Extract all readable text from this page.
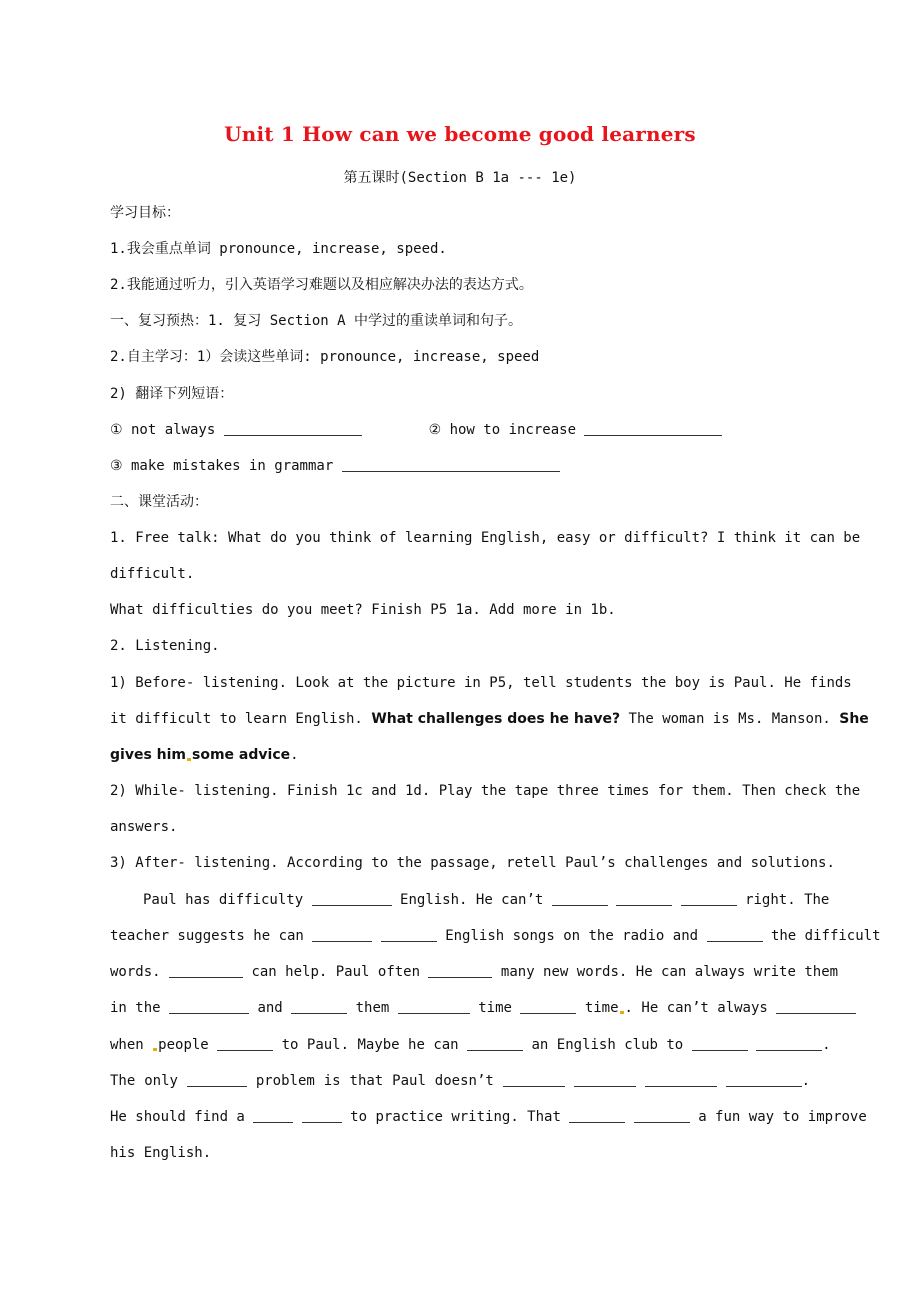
Unit 1 How can we become good learners
第五课时(Section B 1a --- 1e)
学习目标：
1.我会重点单词 pronounce, increase, speed.
2.我能通过听力，引入英语学习难题以及相应解决办法的表达方式。
一、复习预热：1. 复习 Section A 中学过的重读单词和句子。
2.自主学习：1）会读这些单词: pronounce, increase, speed
2) 翻译下列短语：
① not always	② how to increase
③ make mistakes in grammar
二、课堂活动：
1. Free talk: What do you think of learning English, easy or difficult? I think it can be
difficult.
What difficulties do you meet? Finish P5 1a. Add more in 1b.
2. Listening.
1) Before- listening. Look at the picture in P5, tell students the boy is Paul. He finds
it difficult to learn English. What challenges does he have? The woman is Ms. Manson. She
gives him some advice.
2) While- listening. Finish 1c and 1d. Play the tape three times for them. Then check the
answers.
3) After- listening. According to the passage, retell Paul’s challenges and solutions.
Paul has difficulty	English. He can’t	right. The
teacher suggests he can	English songs on the radio and	the difficult
words.	can help. Paul often	many new words. He can always write them
in the	and	them	time	time . He can’t always
when people	to Paul. Maybe he can	an English club to	.
The only	problem is that Paul doesn’t	.
He should find a	to practice writing. That	a fun way to improve
his English.
